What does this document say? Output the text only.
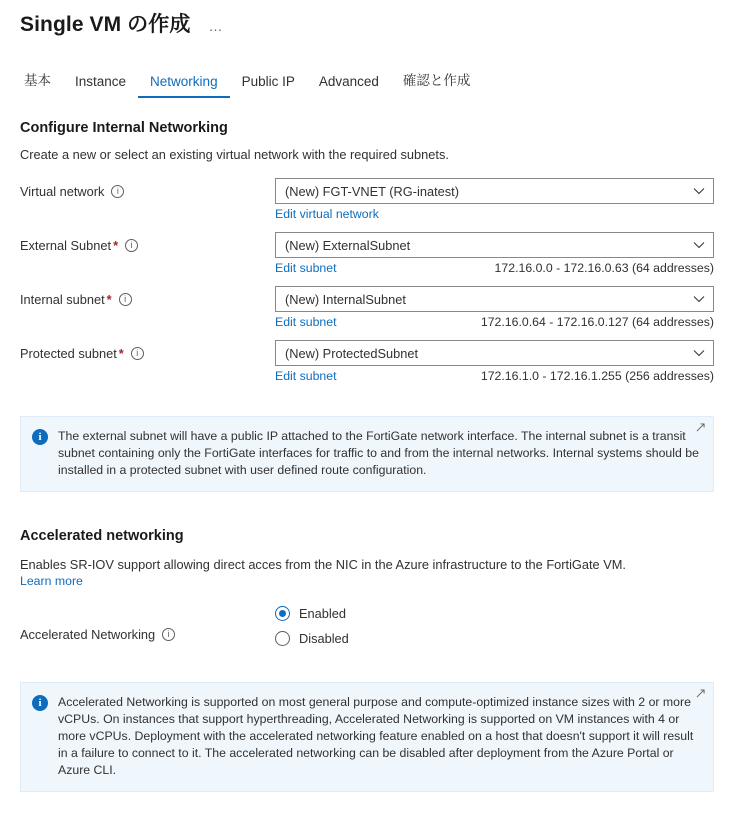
Single VM の作成 …
基本	Instance	Networking	Public IP	Advanced	確認と作成
Configure Internal Networking
Create a new or select an existing virtual network with the required subnets.
Virtual network	i	(New) FGT-VNET (RG-inatest)
Edit virtual network
External Subnet *	i	(New) ExternalSubnet
Edit subnet	172.16.0.0 - 172.16.0.63 (64 addresses)
Internal subnet *	i	(New) InternalSubnet
Edit subnet	172.16.0.64 - 172.16.0.127 (64 addresses)
Protected subnet *	i	(New) ProtectedSubnet
Edit subnet	172.16.1.0 - 172.16.1.255 (256 addresses)
i	The external subnet will have a public IP attached to the FortiGate network interface. The internal subnet is a transit subnet containing only the FortiGate interfaces for traffic to and from the internal networks. Internal systems should be installed in a protected subnet with user defined route configuration.

Accelerated networking
Enables SR-IOV support allowing direct acces from the NIC in the Azure infrastructure to the FortiGate VM.
Learn more
Accelerated Networking	i
Enabled
Disabled
i	Accelerated Networking is supported on most general purpose and compute-optimized instance sizes with 2 or more vCPUs. On instances that support hyperthreading, Accelerated Networking is supported on VM instances with 4 or more vCPUs. Deployment with the accelerated networking feature enabled on a host that doesn't support it will result in a failure to connect to it. The accelerated networking can be disabled after deployment from the Azure Portal or Azure CLI.
